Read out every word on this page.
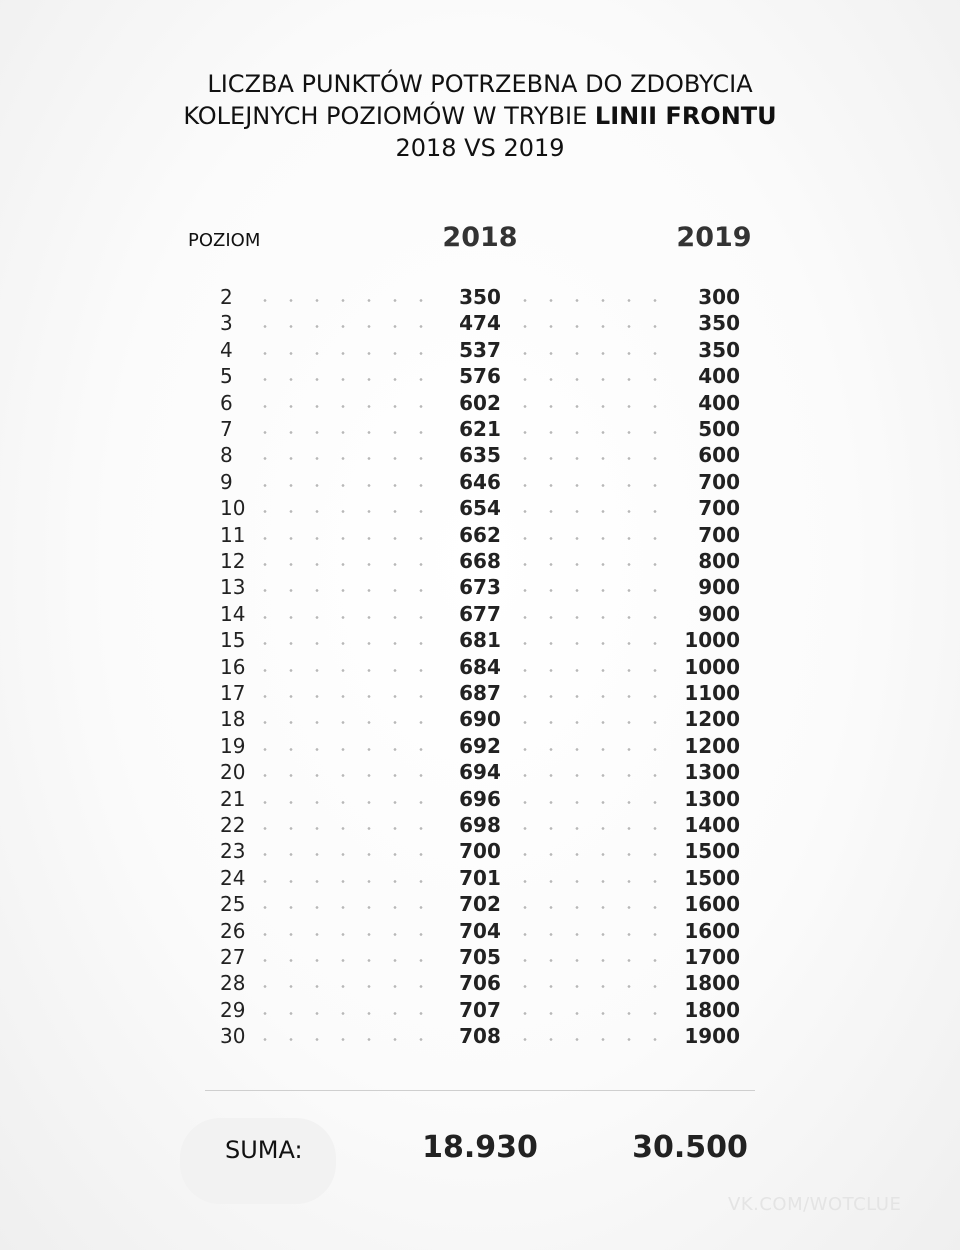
LICZBA PUNKTÓW POTRZEBNA DO ZDOBYCIA
KOLEJNYCH POZIOMÓW W TRYBIE LINII FRONTU
2018 VS 2019
POZIOM	2018	2019
2	350	300
3	474	350
4	537	350
5	576	400
6	602	400
7	621	500
8	635	600
9	646	700
10	654	700
11	662	700
12	668	800
13	673	900
14	677	900
15	681	1000
16	684	1000
17	687	1100
18	690	1200
19	692	1200
20	694	1300
21	696	1300
22	698	1400
23	700	1500
24	701	1500
25	702	1600
26	704	1600
27	705	1700
28	706	1800
29	707	1800
30	708	1900
SUMA:	18.930	30.500
VK.COM/WOTCLUE
